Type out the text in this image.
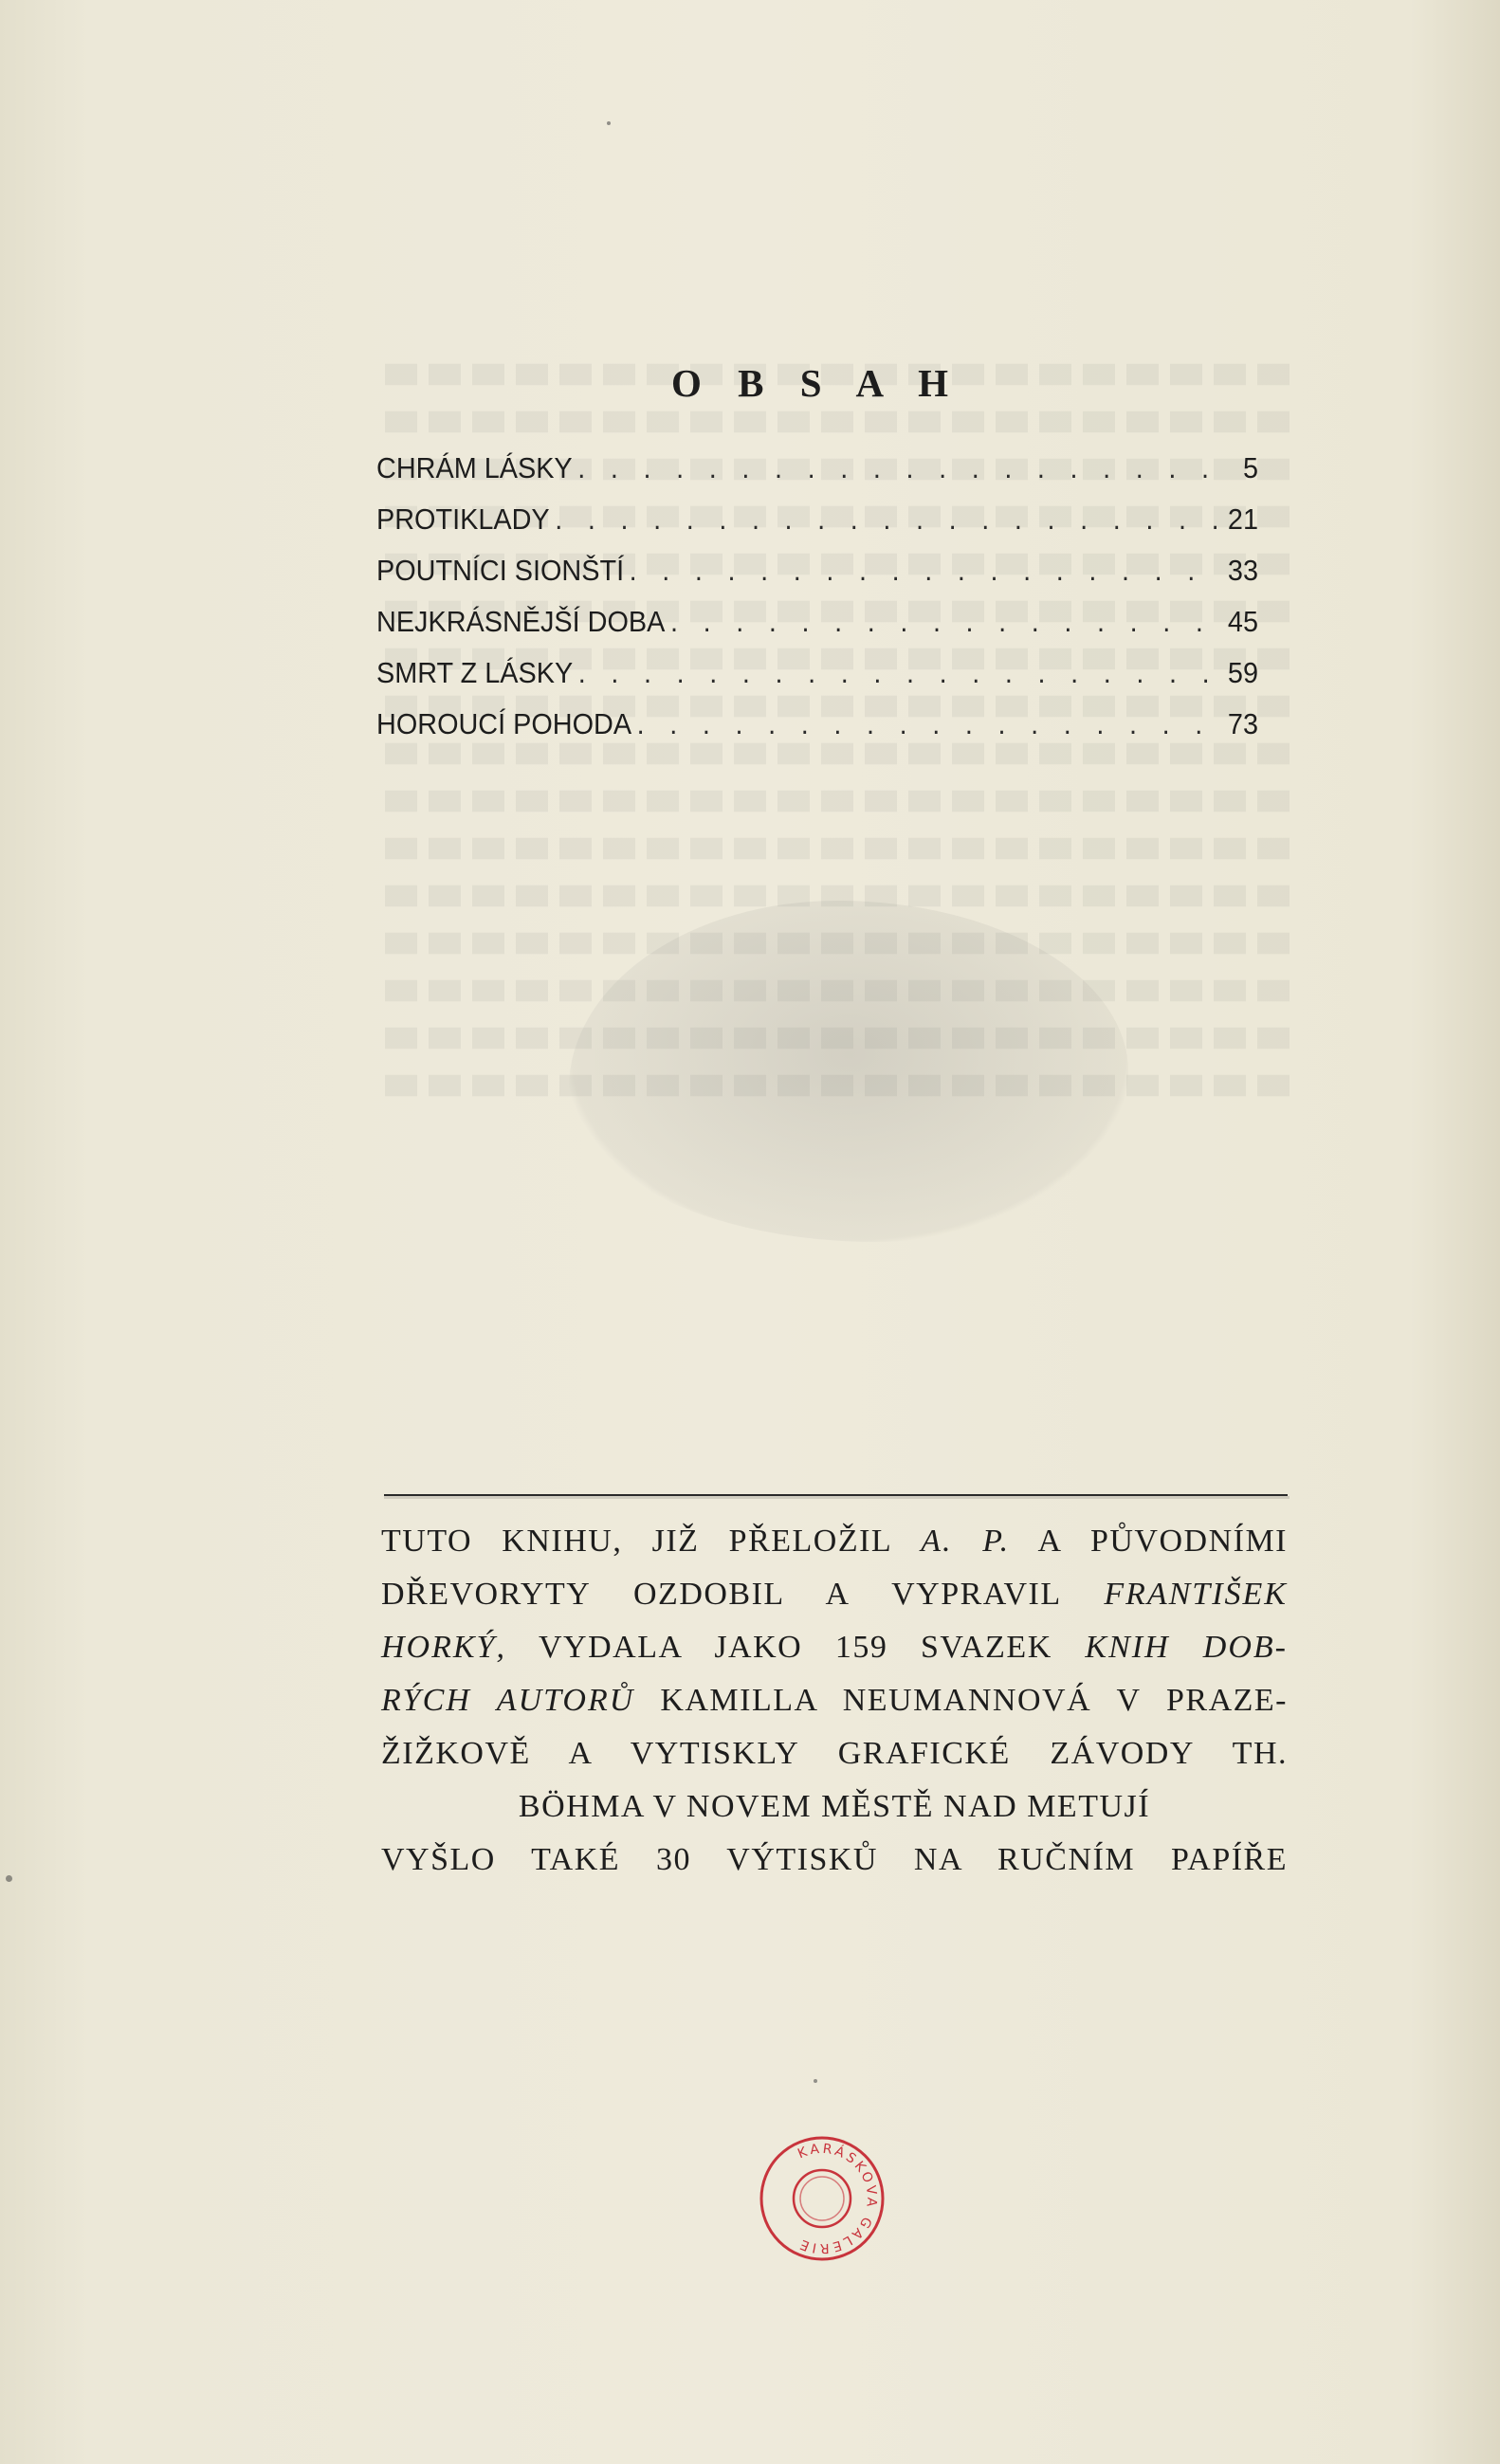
O B S A H
CHRÁM LÁSKY . . .	5
PROTIKLADY . . .	21
POUTNÍCI SIONŠTÍ . . .	33
NEJKRÁSNĚJŠÍ DOBA . . .	45
SMRT Z LÁSKY . . .	59
HOROUCÍ POHODA . . .	73
TUTO KNIHU, JIŽ PŘELOŽIL A. P. A PŮVODNÍMI
DŘEVORYTY OZDOBIL A VYPRAVIL FRANTIŠEK
HORKÝ, VYDALA JAKO 159 SVAZEK KNIH DOB-
RÝCH AUTORŮ KAMILLA NEUMANNOVÁ V PRAZE-
ŽIŽKOVĚ A VYTISKLY GRAFICKÉ ZÁVODY TH.
BÖHMA V NOVEM MĚSTĚ NAD METUJÍ
VYŠLO TAKÉ 30 VÝTISKŮ NA RUČNÍM PAPÍŘE
KARÁSKOVA GALERIE
